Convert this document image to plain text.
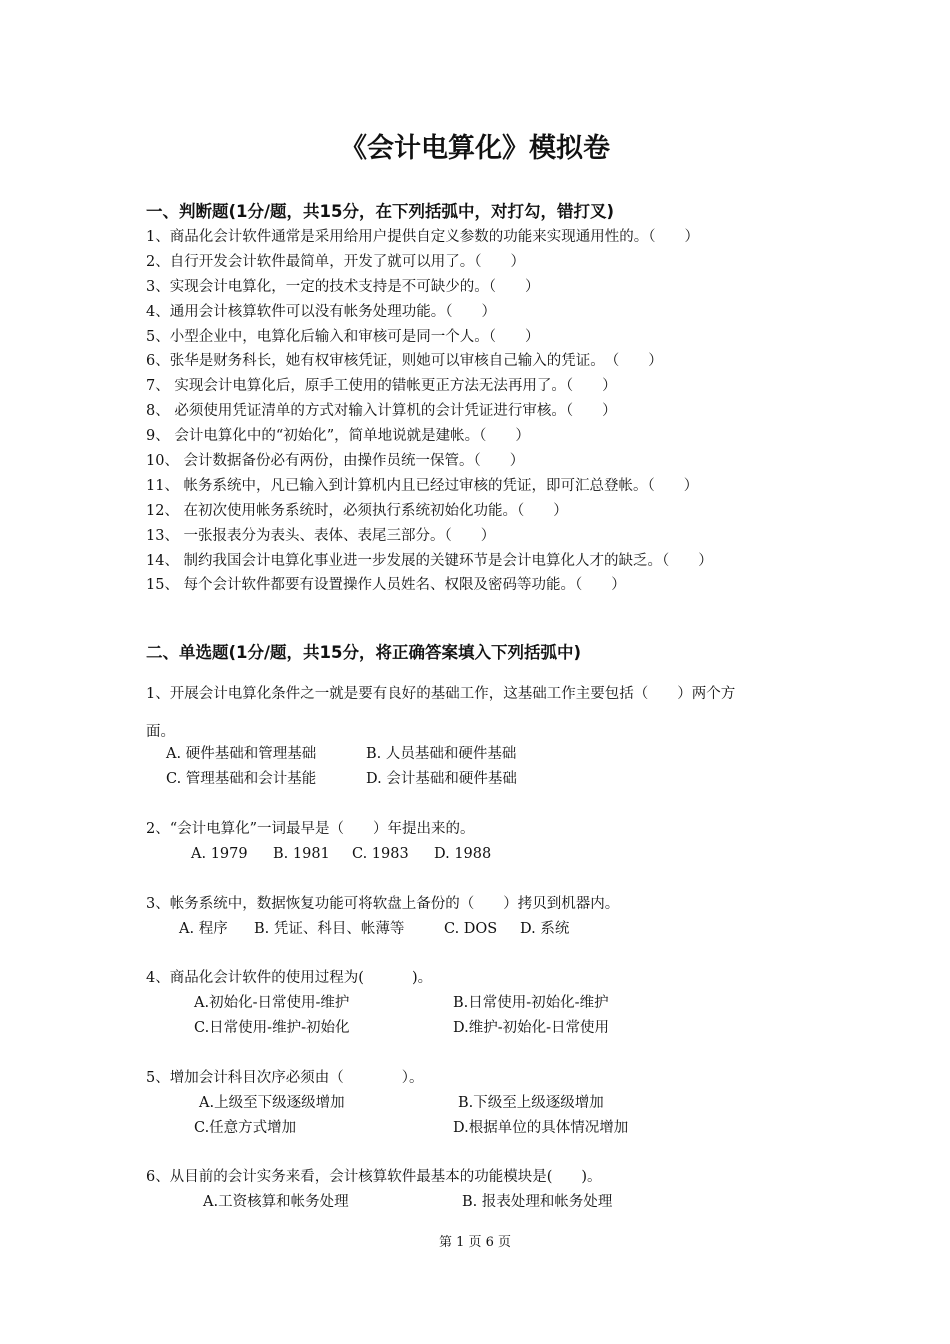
《会计电算化》模拟卷
一、判断题(1分/题，共15分，在下列括弧中，对打勾，错打叉)
1、商品化会计软件通常是采用给用户提供自定义参数的功能来实现通用性的。（　　）
2、自行开发会计软件最简单，开发了就可以用了。（　　）
3、实现会计电算化，一定的技术支持是不可缺少的。（　　）
4、通用会计核算软件可以没有帐务处理功能。（　　）
5、小型企业中，电算化后输入和审核可是同一个人。（　　）
6、张华是财务科长，她有权审核凭证，则她可以审核自己输入的凭证。　（　　）
7、 实现会计电算化后，原手工使用的错帐更正方法无法再用了。（　　）
8、 必须使用凭证清单的方式对输入计算机的会计凭证进行审核。（　　）
9、 会计电算化中的“初始化”，简单地说就是建帐。（　　）
10、 会计数据备份必有两份，由操作员统一保管。（　　）
11、 帐务系统中，凡已输入到计算机内且已经过审核的凭证，即可汇总登帐。（　　）
12、 在初次使用帐务系统时，必须执行系统初始化功能。（　　）
13、 一张报表分为表头、表体、表尾三部分。（　　）
14、 制约我国会计电算化事业进一步发展的关键环节是会计电算化人才的缺乏。（　　）
15、 每个会计软件都要有设置操作人员姓名、权限及密码等功能。（　　）
二、单选题(1分/题，共15分，将正确答案填入下列括弧中)
1、开展会计电算化条件之一就是要有良好的基础工作，这基础工作主要包括（　　）两个方
面。
A. 硬件基础和管理基础	B. 人员基础和硬件基础
C. 管理基础和会计基能	D. 会计基础和硬件基础
2、“会计电算化”一词最早是（　　）年提出来的。
A. 1979 B. 1981 C. 1983 D. 1988
3、帐务系统中，数据恢复功能可将软盘上备份的（　　）拷贝到机器内。
A. 程序 B. 凭证、科目、帐薄等	C. DOS D. 系统
4、商品化会计软件的使用过程为(　　　 )。
A.初始化-日常使用-维护	B.日常使用-初始化-维护
C.日常使用-维护-初始化	D.维护-初始化-日常使用
5、增加会计科目次序必须由（　　　　）。
A.上级至下级逐级增加	B.下级至上级逐级增加
C.任意方式增加	D.根据单位的具体情况增加
6、从目前的会计实务来看，会计核算软件最基本的功能模块是(　　)。
A.工资核算和帐务处理	B. 报表处理和帐务处理
第 1 页 6 页
